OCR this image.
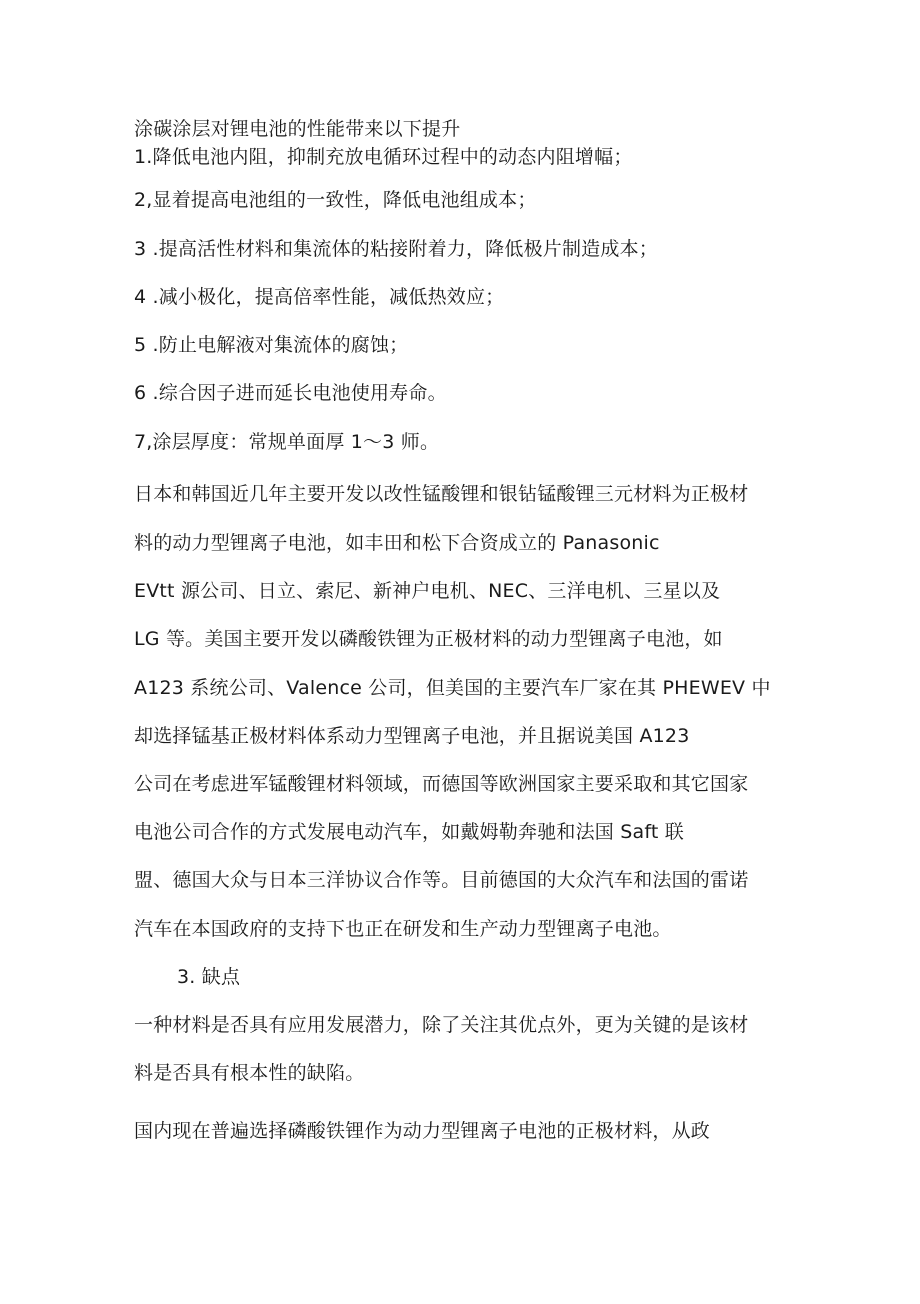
涂碳涂层对锂电池的性能带来以下提升
1.降低电池内阻，抑制充放电循环过程中的动态内阻增幅；
2,显着提高电池组的一致性，降低电池组成本；
3 .提高活性材料和集流体的粘接附着力，降低极片制造成本；
4 .减小极化，提高倍率性能，减低热效应；
5 .防止电解液对集流体的腐蚀；
6 .综合因子进而延长电池使用寿命。
7,涂层厚度：常规单面厚 1〜3 师。
日本和韩国近几年主要开发以改性锰酸锂和银钻锰酸锂三元材料为正极材
料的动力型锂离子电池，如丰田和松下合资成立的 Panasonic
EVtt 源公司、日立、索尼、新神户电机、NEC、三洋电机、三星以及
LG 等。美国主要开发以磷酸铁锂为正极材料的动力型锂离子电池，如
A123 系统公司、Valence 公司，但美国的主要汽车厂家在其 PHEWEV 中
却选择锰基正极材料体系动力型锂离子电池，并且据说美国 A123
公司在考虑进军锰酸锂材料领域，而德国等欧洲国家主要采取和其它国家
电池公司合作的方式发展电动汽车，如戴姆勒奔驰和法国 Saft 联
盟、德国大众与日本三洋协议合作等。目前德国的大众汽车和法国的雷诺
汽车在本国政府的支持下也正在研发和生产动力型锂离子电池。
3. 缺点
一种材料是否具有应用发展潜力，除了关注其优点外，更为关键的是该材
料是否具有根本性的缺陷。
国内现在普遍选择磷酸铁锂作为动力型锂离子电池的正极材料，从政
